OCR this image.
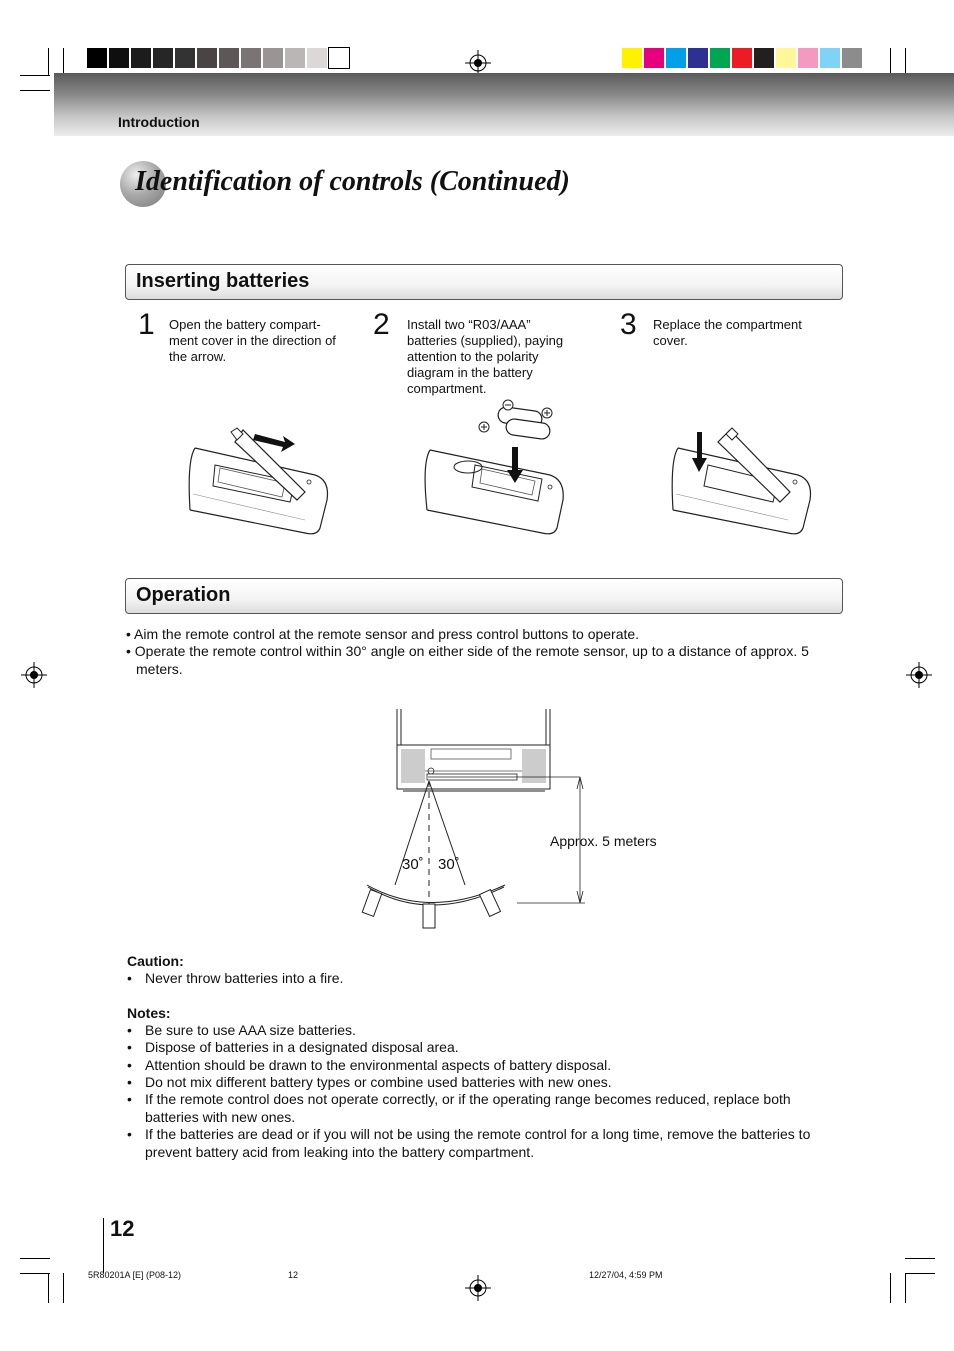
Introduction
Identification of controls (Continued)
Inserting batteries
1 Open the battery compart-
ment cover in the direction of
the arrow.
2 Install two “R03/AAA”
batteries (supplied), paying
attention to the polarity
diagram in the battery
compartment.
3 Replace the compartment
cover.
Operation
• Aim the remote control at the remote sensor and press control buttons to operate.
• Operate the remote control within 30° angle on either side of the remote sensor, up to a distance of approx. 5
meters.
30˚ 30˚
Approx. 5 meters
Caution:
• Never throw batteries into a fire.
Notes:
• Be sure to use AAA size batteries.
• Dispose of batteries in a designated disposal area.
• Attention should be drawn to the environmental aspects of battery disposal.
• Do not mix different battery types or combine used batteries with new ones.
• If the remote control does not operate correctly, or if the operating range becomes reduced, replace both batteries with new ones.
• If the batteries are dead or if you will not be using the remote control for a long time, remove the batteries to prevent battery acid from leaking into the battery compartment.
12
5R80201A [E] (P08-12)	12	12/27/04, 4:59 PM
